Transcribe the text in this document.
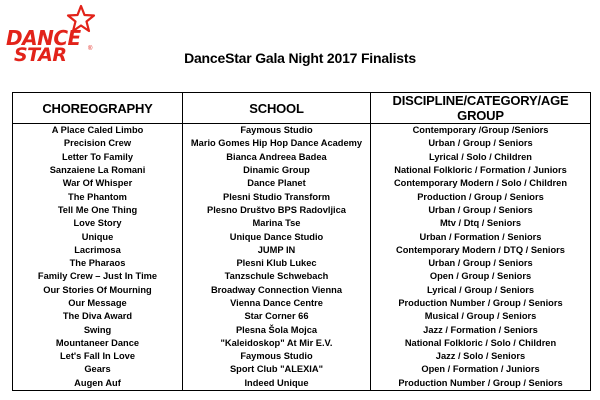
DANCE
STAR	®
DanceStar Gala Night 2017 Finalists
CHOREOGRAPHY	SCHOOL	DISCIPLINE/CATEGORY/AGE GROUP
A Place Caled Limbo	Faymous Studio	Contemporary /Group /Seniors
Precision Crew	Mario Gomes Hip Hop Dance Academy	Urban / Group / Seniors
Letter To Family	Bianca Andreea Badea	Lyrical / Solo / Children
Sanzaiene La Romani	Dinamic Group	National Folkloric / Formation / Juniors
War Of Whisper	Dance Planet	Contemporary Modern / Solo / Children
The Phantom	Plesni Studio Transform	Production / Group / Seniors
Tell Me One Thing	Plesno Društvo BPS Radovljica	Urban / Group / Seniors
Love Story	Marina Tse	Mtv / Dtq / Seniors
Unique	Unique Dance Studio	Urban / Formation / Seniors
Lacrimosa	JUMP IN	Contemporary Modern / DTQ / Seniors
The Pharaos	Plesni Klub Lukec	Urban / Group / Seniors
Family Crew – Just In Time	Tanzschule Schwebach	Open / Group / Seniors
Our Stories Of Mourning	Broadway Connection Vienna	Lyrical / Group / Seniors
Our Message	Vienna Dance Centre	Production Number / Group / Seniors
The Diva Award	Star Corner 66	Musical / Group / Seniors
Swing	Plesna Šola Mojca	Jazz / Formation / Seniors
Mountaneer Dance	"Kaleidoskop" At Mir E.V.	National Folkloric / Solo / Children
Let's Fall In Love	Faymous Studio	Jazz / Solo / Seniors
Gears	Sport Club "ALEXIA"	Open / Formation / Juniors
Augen Auf	Indeed Unique	Production Number / Group / Seniors
